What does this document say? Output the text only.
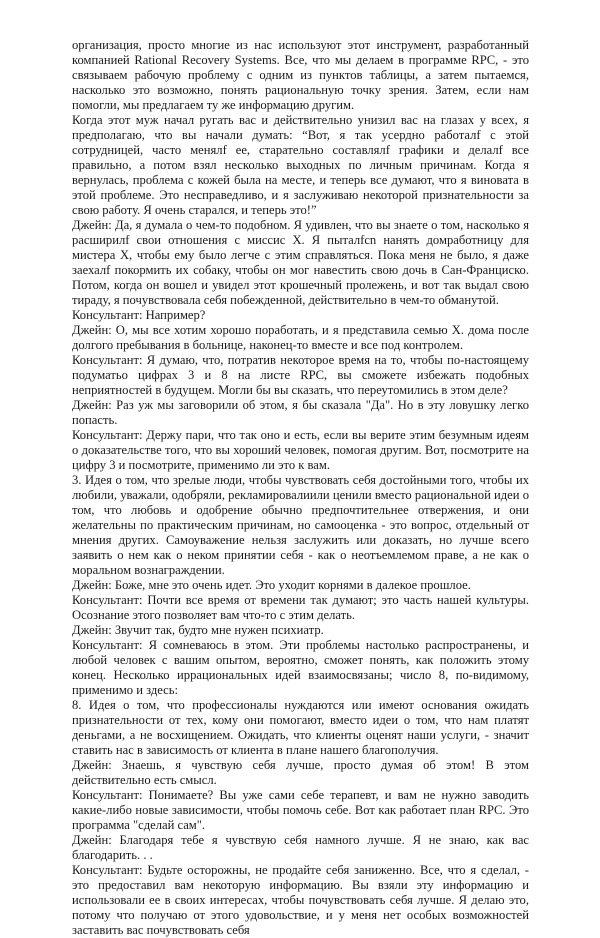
организация, просто многие из нас используют этот инструмент, разработанный компанией Rational Recovery Systems. Все, что мы делаем в программе RPC, - это связываем рабочую проблему с одним из пунктов таблицы, а затем пытаемся, насколько это возможно, понять рациональную точку зрения. Затем, если нам помогли, мы предлагаем ту же информацию другим.

Когда этот муж начал ругать вас и действительно унизил вас на глазах у всех, я предполагаю, что вы начали думать: “Вот, я так усердно работалf с этой сотрудницей, часто менялf ее, старательно составлялf графики и делалf все правильно, а потом взял несколько выходных по личным причинам. Когда я вернулась, проблема с кожей была на месте, и теперь все думают, что я виновата в этой проблеме. Это несправедливо, и я заслуживаю некоторой признательности за свою работу. Я очень старался, и теперь это!”

Джейн: Да, я думала о чем-то подобном. Я удивлен, что вы знаете о том, насколько я расширилf свои отношения с миссис X. Я пыталfсn нанять домработницу для мистера X, чтобы ему было легче с этим справляться. Пока меня не было, я даже заехалf покормить их собаку, чтобы он мог навестить свою дочь в Сан-Франциско. Потом, когда он вошел и увидел этот крошечный пролежень, и вот так выдал свою тираду, я почувствовала себя побежденной, действительно в чем-то обманутой.

Консультант: Например?

Джейн: О, мы все хотим хорошо поработать, и я представила семью X. дома после долгого пребывания в больнице, наконец-то вместе и все под контролем.

Консультант: Я думаю, что, потратив некоторое время на то, чтобы по-настоящему подуматьо цифрах 3 и 8 на листе RPC, вы сможете избежать подобных неприятностей в будущем. Могли бы вы сказать, что переутомились в этом деле?

Джейн: Раз уж мы заговорили об этом, я бы сказала "Да". Но в эту ловушку легко попасть.

Консультант: Держу пари, что так оно и есть, если вы верите этим безумным идеям о доказательстве того, что вы хороший человек, помогая другим. Вот, посмотрите на цифру 3 и посмотрите, применимо ли это к вам.

3. Идея о том, что зрелые люди, чтобы чувствовать себя достойными того, чтобы их любили, уважали, одобряли, рекламировалиили ценили вместо рациональной идеи о том, что любовь и одобрение обычно предпочтительнее отвержения, и они желательны по практическим причинам, но самооценка - это вопрос, отдельный от мнения других. Самоуважение нельзя заслужить или доказать, но лучше всего заявить о нем как о неком принятии себя - как о неотъемлемом праве, а не как о моральном вознаграждении.

Джейн: Боже, мне это очень идет. Это уходит корнями в далекое прошлое.

Консультант: Почти все время от времени так думают; это часть нашей культуры. Осознание этого позволяет вам что-то с этим делать.

Джейн: Звучит так, будто мне нужен психиатр.

Консультант: Я сомневаюсь в этом. Эти проблемы настолько распространены, и любой человек с вашим опытом, вероятно, сможет понять, как положить этому конец. Несколько иррациональных идей взаимосвязаны; число 8, по-видимому, применимо и здесь:

8. Идея о том, что профессионалы нуждаются или имеют основания ожидать признательности от тех, кому они помогают, вместо идеи о том, что нам платят деньгами, а не восхищением. Ожидать, что клиенты оценят наши услуги, - значит ставить нас в зависимость от клиента в плане нашего благополучия.

Джейн: Знаешь, я чувствую себя лучше, просто думая об этом! В этом действительно есть смысл.

Консультант: Понимаете? Вы уже сами себе терапевт, и вам не нужно заводить какие-либо новые зависимости, чтобы помочь себе. Вот как работает план RPC. Это программа "сделай сам".

Джейн: Благодаря тебе я чувствую себя намного лучше. Я не знаю, как вас благодарить. . .

Консультант: Будьте осторожны, не продайте себя заниженно. Все, что я сделал, - это предоставил вам некоторую информацию. Вы взяли эту информацию и использовали ее в своих интересах, чтобы почувствовать себя лучше. Я делаю это, потому что получаю от этого удовольствие, и у меня нет особых возможностей заставить вас почувствовать себя
